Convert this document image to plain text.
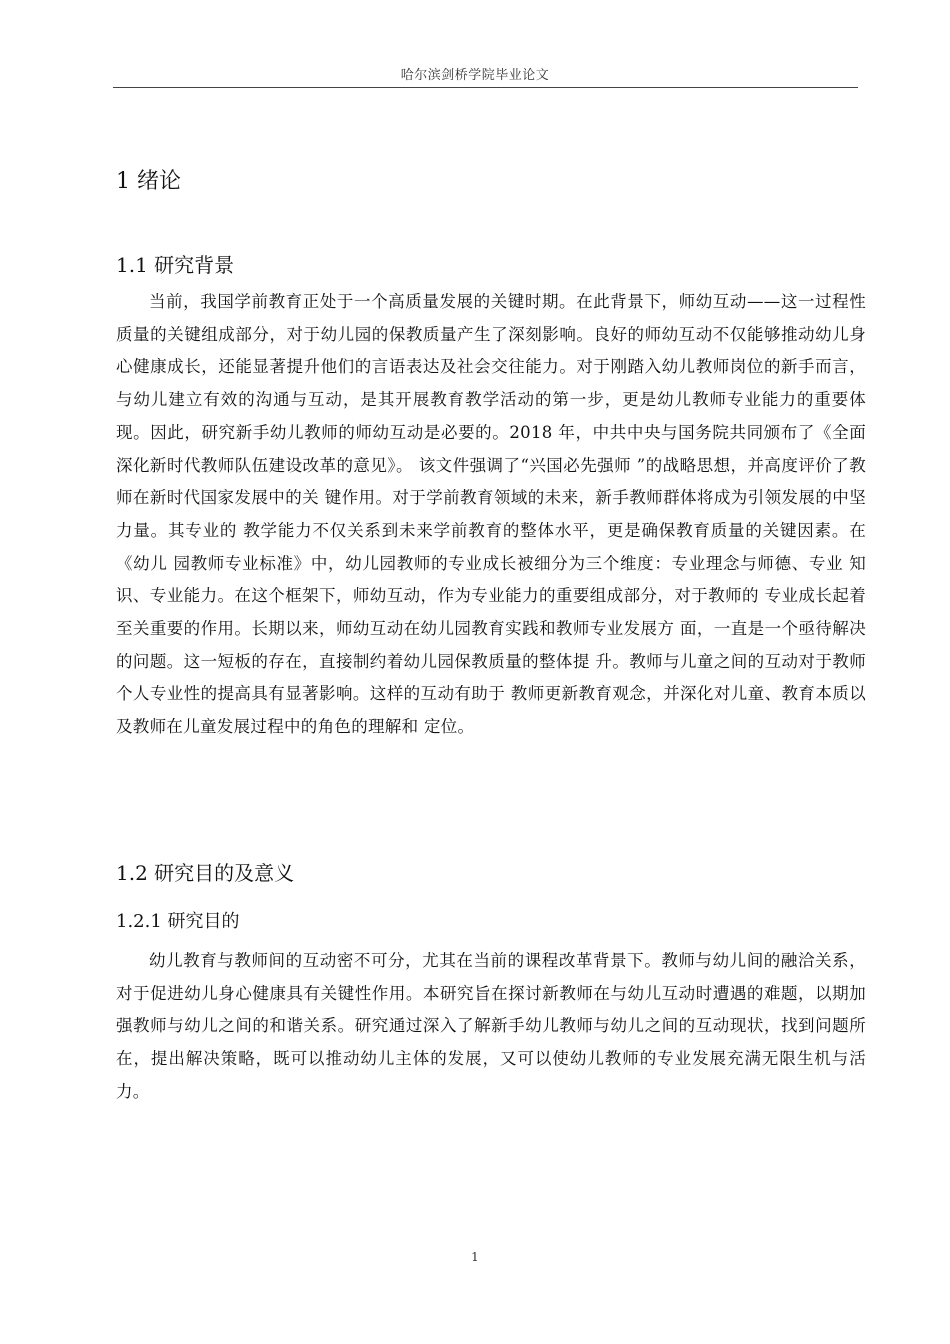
哈尔滨剑桥学院毕业论文
1 绪论
1.1 研究背景

当前，我国学前教育正处于一个高质量发展的关键时期。在此背景下，师幼互动——这一过程性质量的关键组成部分，对于幼儿园的保教质量产生了深刻影响。良好的师幼互动不仅能够推动幼儿身心健康成长，还能显著提升他们的言语表达及社会交往能力。对于刚踏入幼儿教师岗位的新手而言，与幼儿建立有效的沟通与互动，是其开展教育教学活动的第一步，更是幼儿教师专业能力的重要体现。因此，研究新手幼儿教师的师幼互动是必要的。2018 年，中共中央与国务院共同颁布了《全面深化新时代教师队伍建设改革的意见》。 该文件强调了“兴国必先强师 ”的战略思想，并高度评价了教师在新时代国家发展中的关 键作用。对于学前教育领域的未来，新手教师群体将成为引领发展的中坚力量。其专业的 教学能力不仅关系到未来学前教育的整体水平，更是确保教育质量的关键因素。在《幼儿 园教师专业标准》中，幼儿园教师的专业成长被细分为三个维度：专业理念与师德、专业 知识、专业能力。在这个框架下，师幼互动，作为专业能力的重要组成部分，对于教师的 专业成长起着至关重要的作用。长期以来，师幼互动在幼儿园教育实践和教师专业发展方 面，一直是一个亟待解决的问题。这一短板的存在，直接制约着幼儿园保教质量的整体提 升。教师与儿童之间的互动对于教师个人专业性的提高具有显著影响。这样的互动有助于 教师更新教育观念，并深化对儿童、教育本质以及教师在儿童发展过程中的角色的理解和 定位。

1.2 研究目的及意义
1.2.1 研究目的

幼儿教育与教师间的互动密不可分，尤其在当前的课程改革背景下。教师与幼儿间的融洽关系，对于促进幼儿身心健康具有关键性作用。本研究旨在探讨新教师在与幼儿互动时遭遇的难题，以期加强教师与幼儿之间的和谐关系。研究通过深入了解新手幼儿教师与幼儿之间的互动现状，找到问题所在，提出解决策略，既可以推动幼儿主体的发展，又可以使幼儿教师的专业发展充满无限生机与活力。

1
